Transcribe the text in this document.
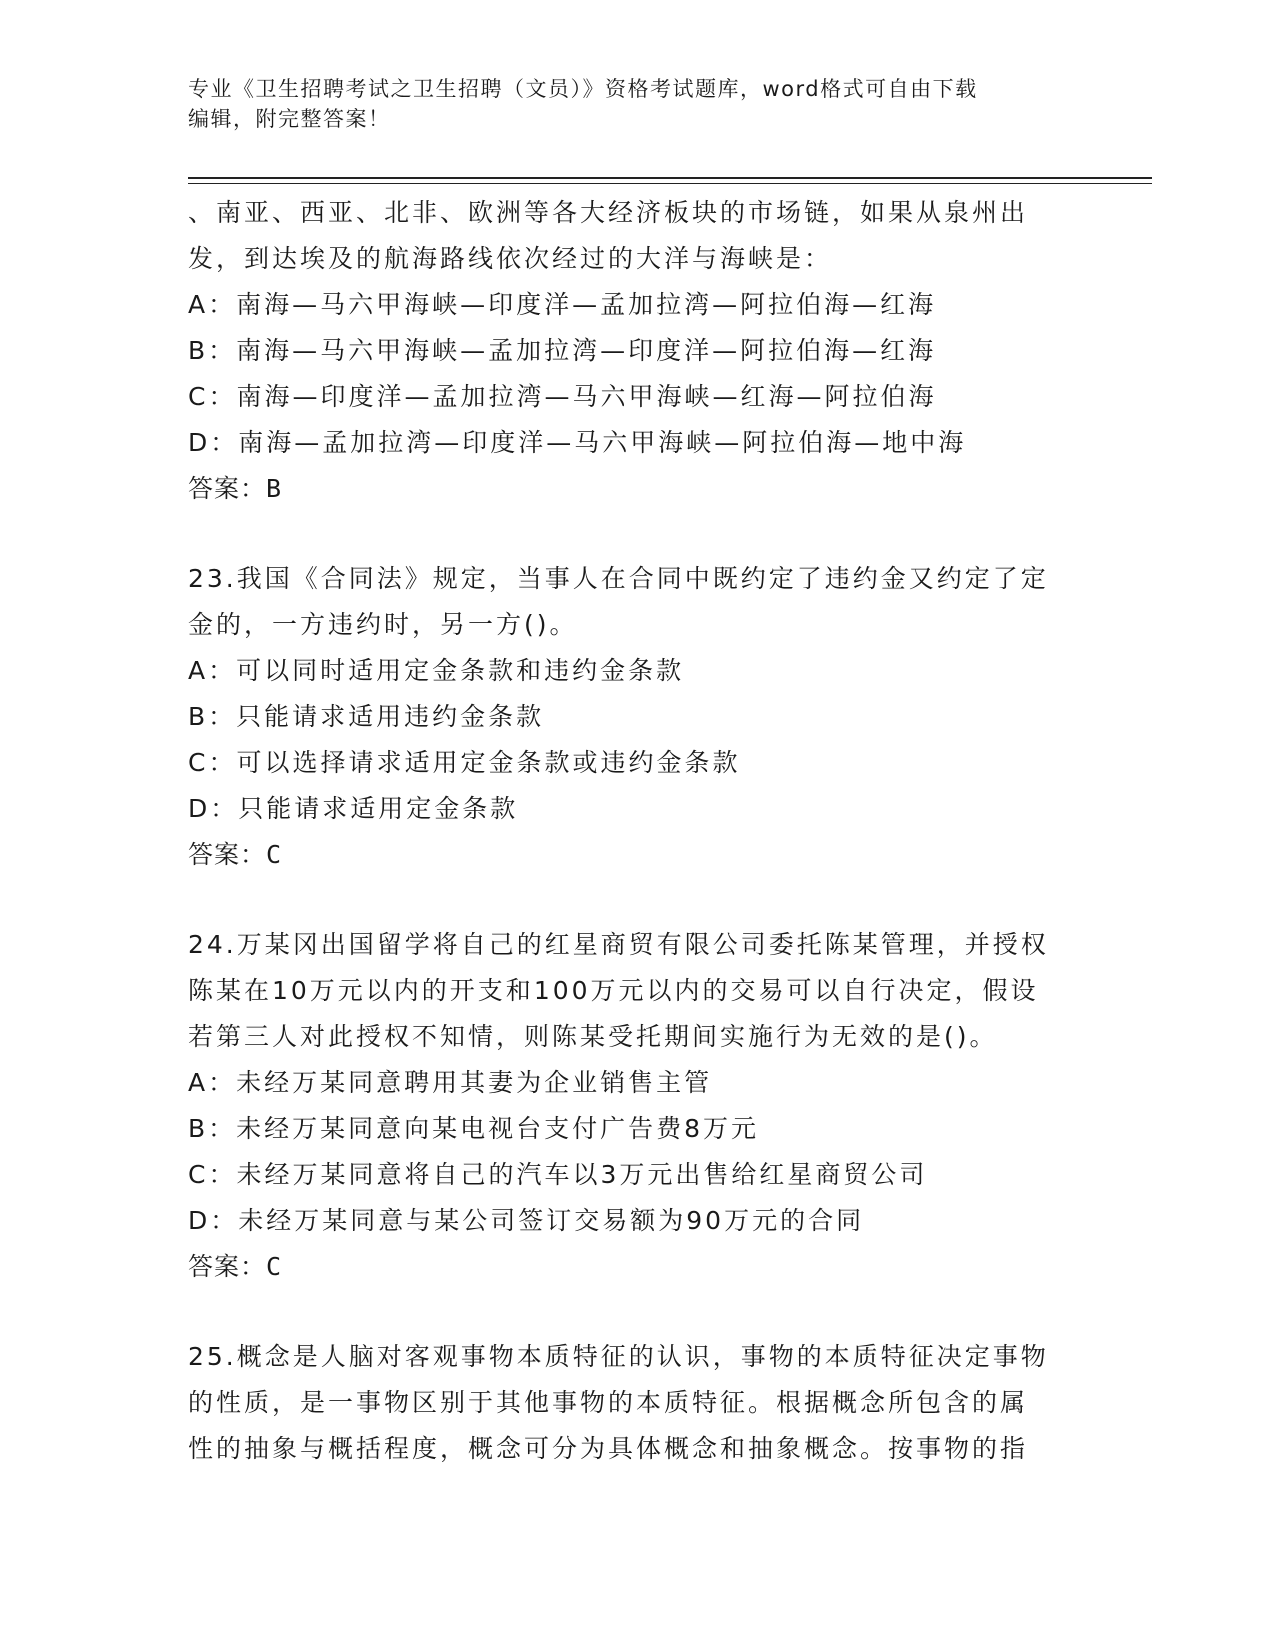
专业《卫生招聘考试之卫生招聘（文员）》资格考试题库，word格式可自由下载
编辑，附完整答案！
、南亚、西亚、北非、欧洲等各大经济板块的市场链，如果从泉州出
发，到达埃及的航海路线依次经过的大洋与海峡是：
A：南海—马六甲海峡—印度洋—孟加拉湾—阿拉伯海—红海
B：南海—马六甲海峡—孟加拉湾—印度洋—阿拉伯海—红海
C：南海—印度洋—孟加拉湾—马六甲海峡—红海—阿拉伯海
D：南海—孟加拉湾—印度洋—马六甲海峡—阿拉伯海—地中海
答案：B
23.我国《合同法》规定，当事人在合同中既约定了违约金又约定了定
金的，一方违约时，另一方()。
A：可以同时适用定金条款和违约金条款
B：只能请求适用违约金条款
C：可以选择请求适用定金条款或违约金条款
D：只能请求适用定金条款
答案：C
24.万某冈出国留学将自己的红星商贸有限公司委托陈某管理，并授权
陈某在10万元以内的开支和100万元以内的交易可以自行决定，假设
若第三人对此授权不知情，则陈某受托期间实施行为无效的是()。
A：未经万某同意聘用其妻为企业销售主管
B：未经万某同意向某电视台支付广告费8万元
C：未经万某同意将自己的汽车以3万元出售给红星商贸公司
D：未经万某同意与某公司签订交易额为90万元的合同
答案：C
25.概念是人脑对客观事物本质特征的认识，事物的本质特征决定事物
的性质，是一事物区别于其他事物的本质特征。根据概念所包含的属
性的抽象与概括程度，概念可分为具体概念和抽象概念。按事物的指
